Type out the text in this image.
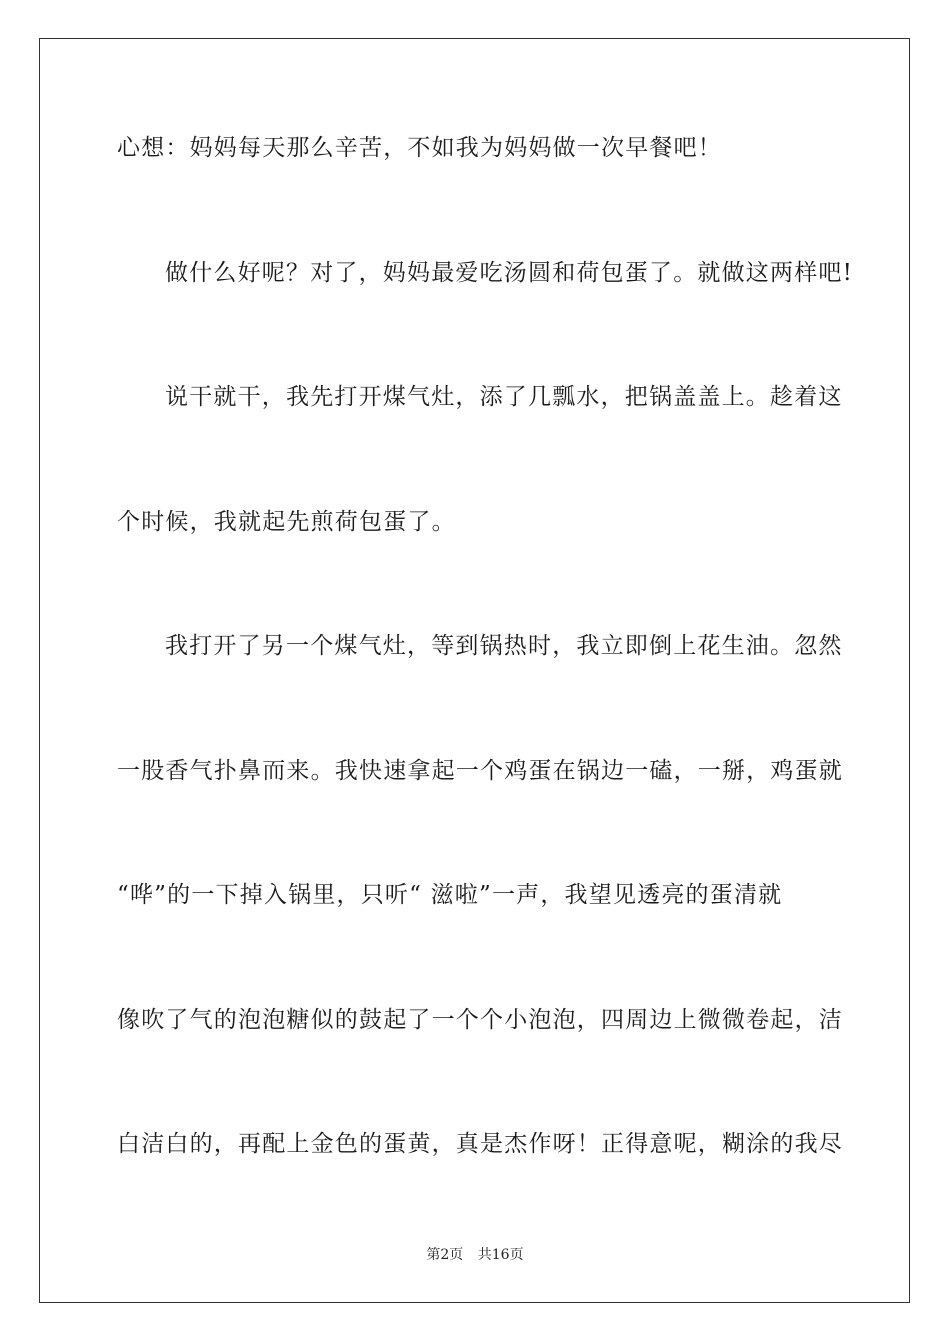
心想：妈妈每天那么辛苦，不如我为妈妈做一次早餐吧！
做什么好呢？对了，妈妈最爱吃汤圆和荷包蛋了。就做这两样吧!
说干就干，我先打开煤气灶，添了几瓢水，把锅盖盖上。趁着这
个时候，我就起先煎荷包蛋了。
我打开了另一个煤气灶，等到锅热时，我立即倒上花生油。忽然
一股香气扑鼻而来。我快速拿起一个鸡蛋在锅边一磕，一掰，鸡蛋就
“哗”的一下掉入锅里，只听“ 滋啦”一声，我望见透亮的蛋清就
像吹了气的泡泡糖似的鼓起了一个个小泡泡，四周边上微微卷起，洁
白洁白的，再配上金色的蛋黄，真是杰作呀！正得意呢，糊涂的我尽
第2页 共16页
